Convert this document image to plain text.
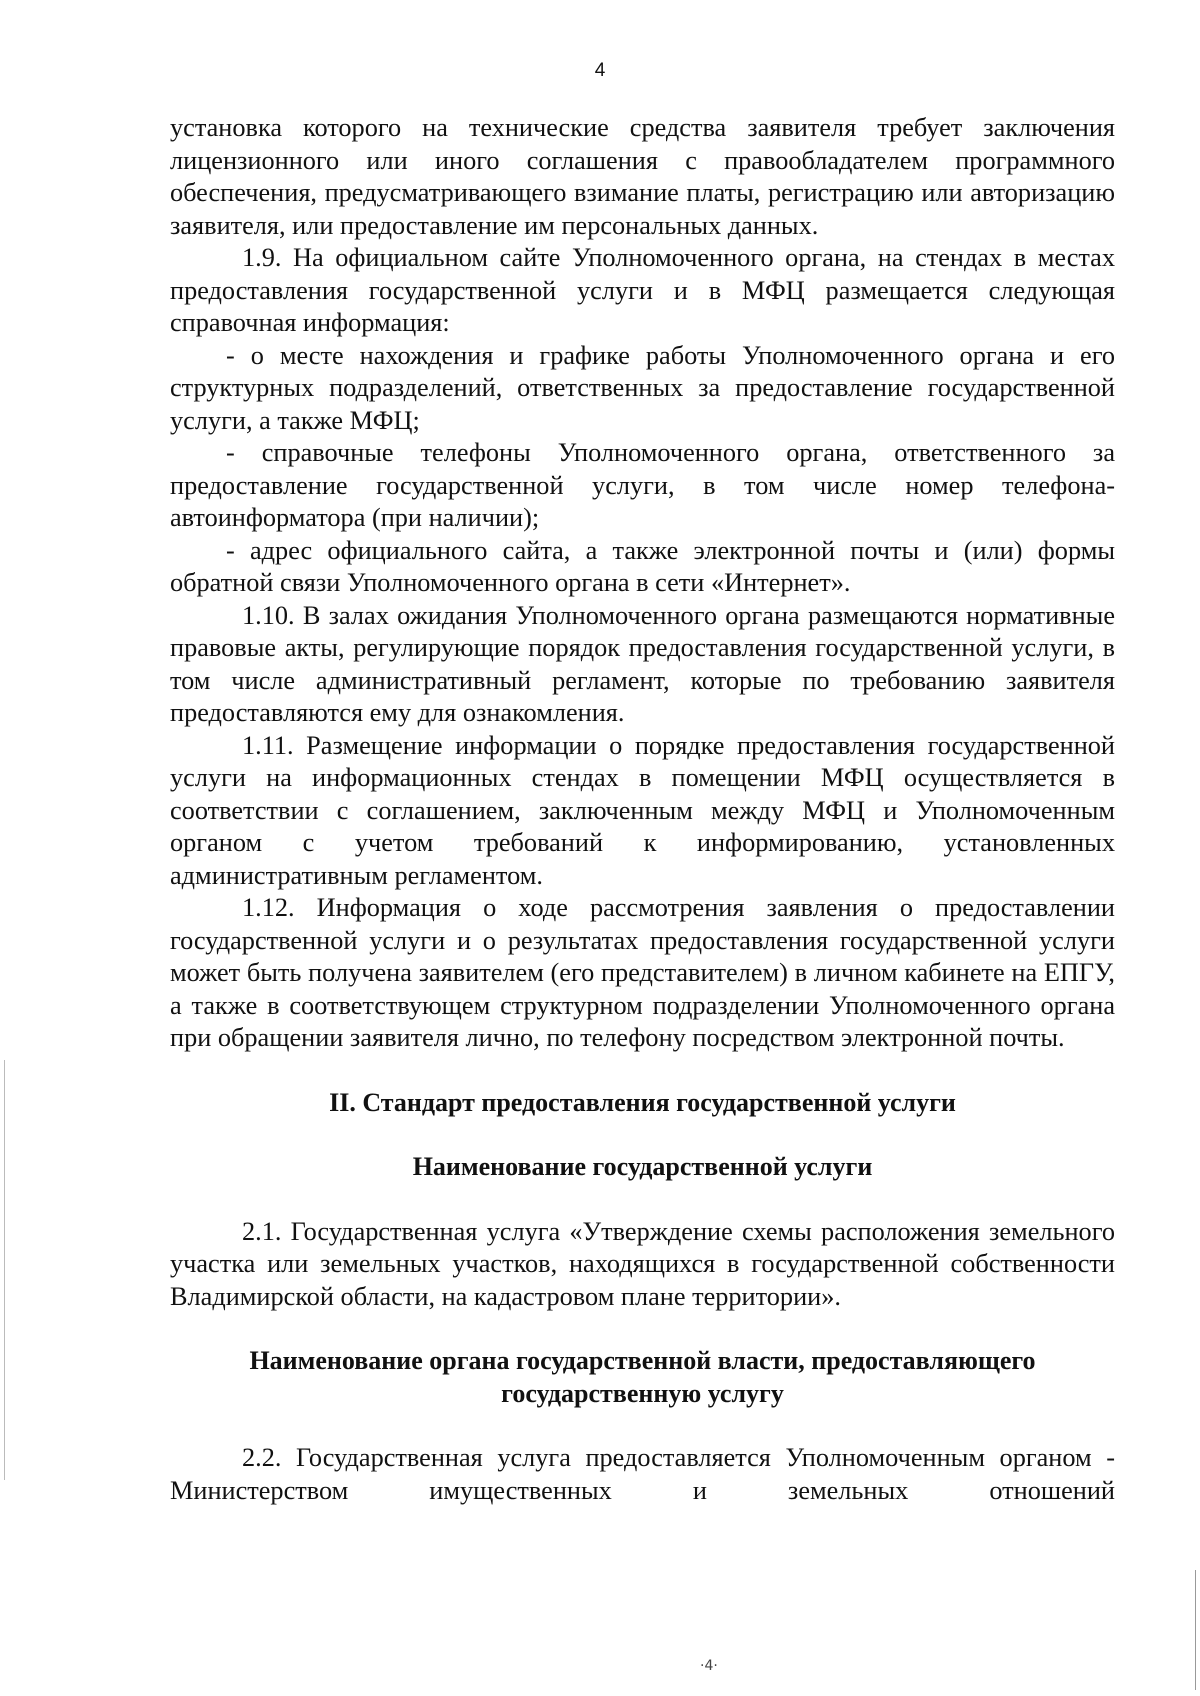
4

установка которого на технические средства заявителя требует заключения лицензионного или иного соглашения с правообладателем программного обеспечения, предусматривающего взимание платы, регистрацию или авторизацию заявителя, или предоставление им персональных данных.

1.9. На официальном сайте Уполномоченного органа, на стендах в местах предоставления государственной услуги и в МФЦ размещается следующая справочная информация:

- о месте нахождения и графике работы Уполномоченного органа и его структурных подразделений, ответственных за предоставление государственной услуги, а также МФЦ;

- справочные телефоны Уполномоченного органа, ответственного за предоставление государственной услуги, в том числе номер телефона-автоинформатора (при наличии);

- адрес официального сайта, а также электронной почты и (или) формы обратной связи Уполномоченного органа в сети «Интернет».

1.10. В залах ожидания Уполномоченного органа размещаются нормативные правовые акты, регулирующие порядок предоставления государственной услуги, в том числе административный регламент, которые по требованию заявителя предоставляются ему для ознакомления.

1.11. Размещение информации о порядке предоставления государственной услуги на информационных стендах в помещении МФЦ осуществляется в соответствии с соглашением, заключенным между МФЦ и Уполномоченным органом с учетом требований к информированию, установленных административным регламентом.

1.12. Информация о ходе рассмотрения заявления о предоставлении государственной услуги и о результатах предоставления государственной услуги может быть получена заявителем (его представителем) в личном кабинете на ЕПГУ, а также в соответствующем структурном подразделении Уполномоченного органа при обращении заявителя лично, по телефону посредством электронной почты.

II. Стандарт предоставления государственной услуги
Наименование государственной услуги

2.1. Государственная услуга «Утверждение схемы расположения земельного участка или земельных участков, находящихся в государственной собственности Владимирской области, на кадастровом плане территории».

Наименование органа государственной власти, предоставляющего
государственную услугу

2.2. Государственная услуга предоставляется Уполномоченным органом - Министерством имущественных и земельных отношений

·4·
